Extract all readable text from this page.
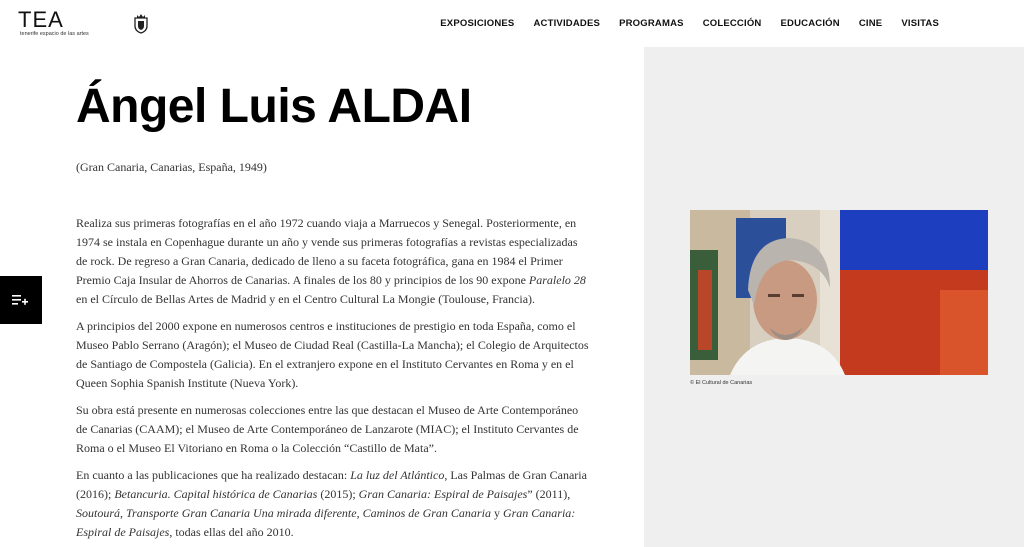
TEA
tenerife espacio de las artes
EXPOSICIONES ACTIVIDADES PROGRAMAS COLECCIÓN EDUCACIÓN CINE VISITAS
© El Cultural de Canarias
Ángel Luis ALDAI
(Gran Canaria, Canarias, España, 1949)

Realiza sus primeras fotografías en el año 1972 cuando viaja a Marruecos y Senegal. Posteriormente, en 1974 se instala en Copenhague durante un año y vende sus primeras fotografías a revistas especializadas de rock. De regreso a Gran Canaria, dedicado de lleno a su faceta fotográfica, gana en 1984 el Primer Premio Caja Insular de Ahorros de Canarias. A finales de los 80 y principios de los 90 expone Paralelo 28 en el Círculo de Bellas Artes de Madrid y en el Centro Cultural La Mongie (Toulouse, Francia).

A principios del 2000 expone en numerosos centros e instituciones de prestigio en toda España, como el Museo Pablo Serrano (Aragón); el Museo de Ciudad Real (Castilla-La Mancha); el Colegio de Arquitectos de Santiago de Compostela (Galicia). En el extranjero expone en el Instituto Cervantes en Roma y en el Queen Sophia Spanish Institute (Nueva York).

Su obra está presente en numerosas colecciones entre las que destacan el Museo de Arte Contemporáneo de Canarias (CAAM); el Museo de Arte Contemporáneo de Lanzarote (MIAC); el Instituto Cervantes de Roma o el Museo El Vitoriano en Roma o la Colección “Castillo de Mata”.

En cuanto a las publicaciones que ha realizado destacan: La luz del Atlántico, Las Palmas de Gran Canaria (2016); Betancuria. Capital histórica de Canarias (2015); Gran Canaria: Espiral de Paisajes” (2011), Soutourá, Transporte Gran Canaria Una mirada diferente, Caminos de Gran Canaria y Gran Canaria: Espiral de Paisajes, todas ellas del año 2010.
